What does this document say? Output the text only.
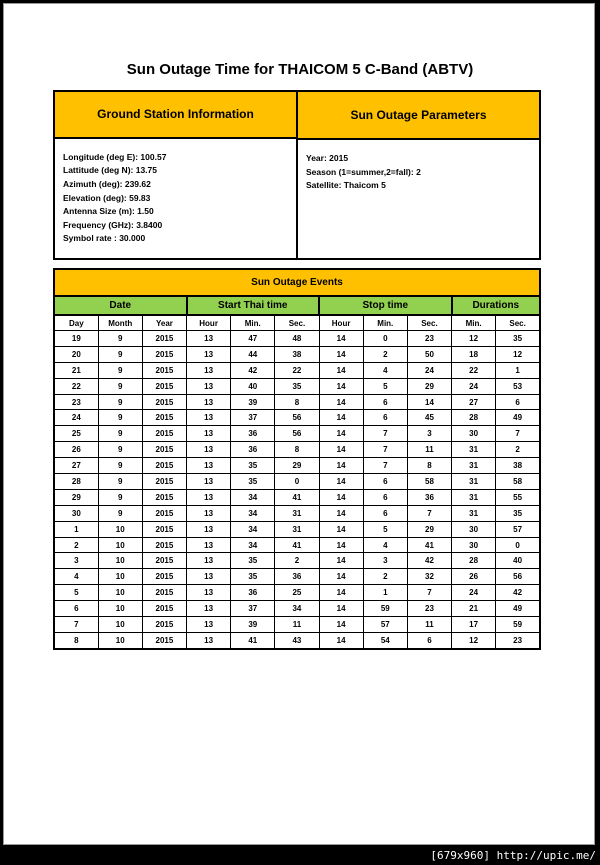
Sun Outage Time for THAICOM 5 C-Band (ABTV)
Ground Station Information
Longitude (deg E): 100.57
Lattitude (deg N): 13.75
Azimuth (deg): 239.62
Elevation (deg): 59.83
Antenna Size (m): 1.50
Frequency (GHz): 3.8400
Symbol rate : 30.000
Sun Outage Parameters
Year: 2015
Season (1=summer,2=fall): 2
Satellite: Thaicom 5
Sun Outage Events										
Date			Start Thai time			Stop time			Durations	
Day	Month	Year	Hour	Min.	Sec.	Hour	Min.	Sec.	Min.	Sec.
19	9	2015	13	47	48	14	0	23	12	35
20	9	2015	13	44	38	14	2	50	18	12
21	9	2015	13	42	22	14	4	24	22	1
22	9	2015	13	40	35	14	5	29	24	53
23	9	2015	13	39	8	14	6	14	27	6
24	9	2015	13	37	56	14	6	45	28	49
25	9	2015	13	36	56	14	7	3	30	7
26	9	2015	13	36	8	14	7	11	31	2
27	9	2015	13	35	29	14	7	8	31	38
28	9	2015	13	35	0	14	6	58	31	58
29	9	2015	13	34	41	14	6	36	31	55
30	9	2015	13	34	31	14	6	7	31	35
1	10	2015	13	34	31	14	5	29	30	57
2	10	2015	13	34	41	14	4	41	30	0
3	10	2015	13	35	2	14	3	42	28	40
4	10	2015	13	35	36	14	2	32	26	56
5	10	2015	13	36	25	14	1	7	24	42
6	10	2015	13	37	34	14	59	23	21	49
7	10	2015	13	39	11	14	57	11	17	59
8	10	2015	13	41	43	14	54	6	12	23
[679x960] http://upic.me/
